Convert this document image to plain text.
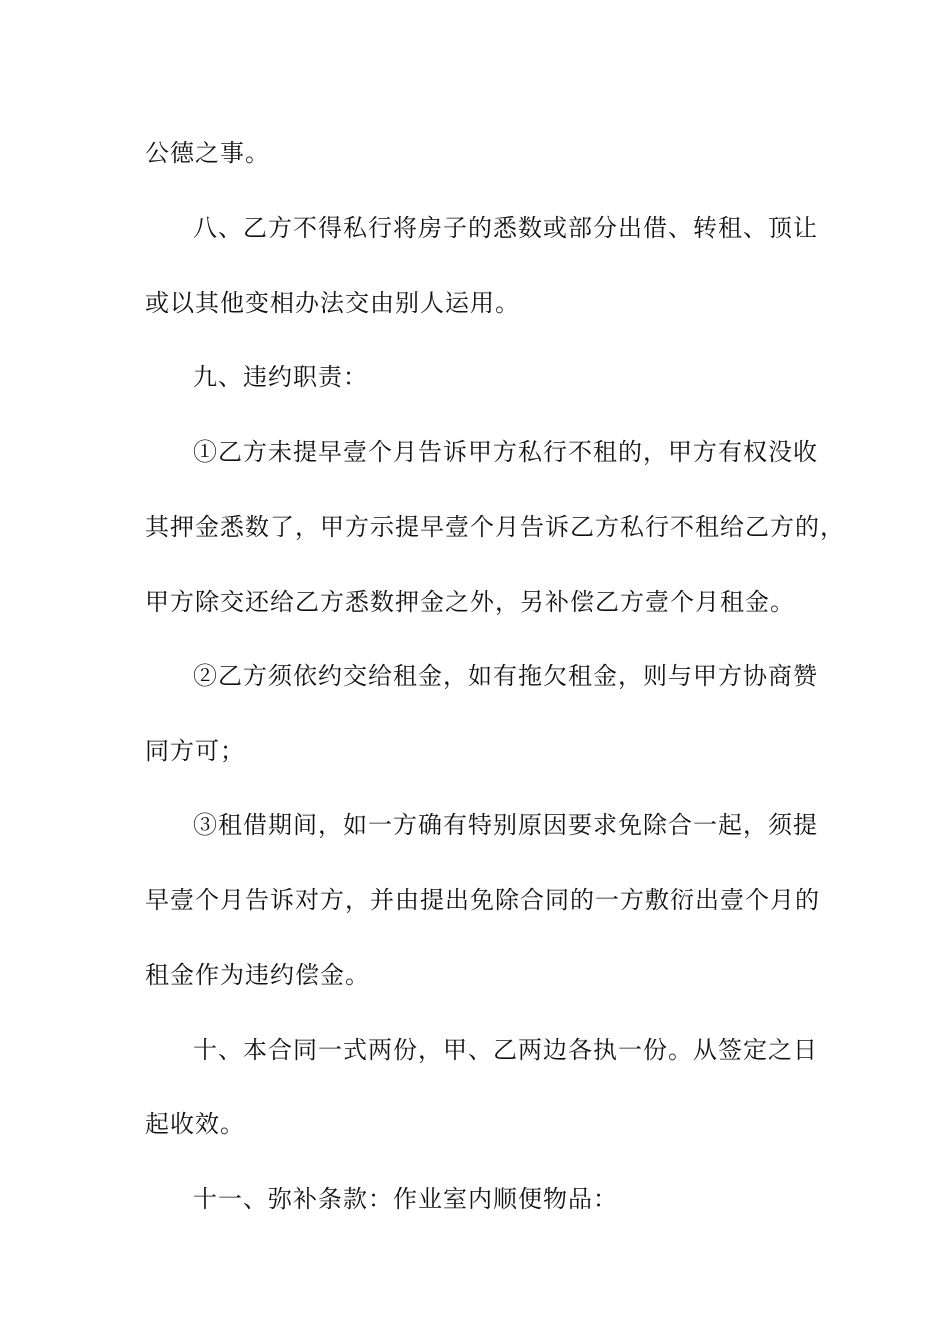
公德之事。
八、乙方不得私行将房子的悉数或部分出借、转租、顶让
或以其他变相办法交由别人运用。
九、违约职责：
①乙方未提早壹个月告诉甲方私行不租的，甲方有权没收
其押金悉数了，甲方示提早壹个月告诉乙方私行不租给乙方的，
甲方除交还给乙方悉数押金之外，另补偿乙方壹个月租金。
②乙方须依约交给租金，如有拖欠租金，则与甲方协商赞
同方可；
③租借期间，如一方确有特别原因要求免除合一起，须提
早壹个月告诉对方，并由提出免除合同的一方敷衍出壹个月的
租金作为违约偿金。
十、本合同一式两份，甲、乙两边各执一份。从签定之日
起收效。
十一、弥补条款：作业室内顺便物品：
